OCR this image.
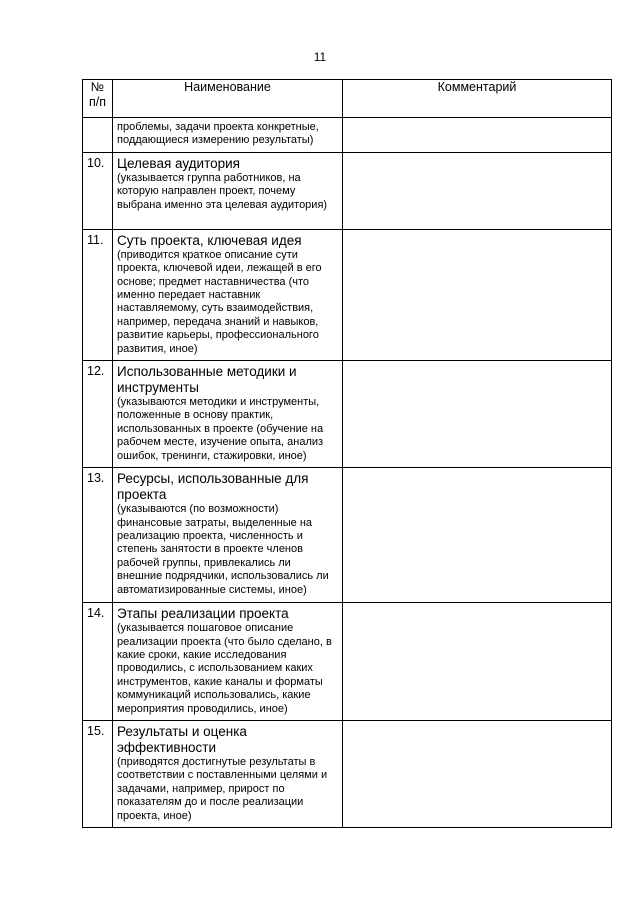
11
№
п/п	Наименование	Комментарий

	проблемы, задачи проекта конкретные, поддающиеся измерению результаты)	

10.	Целевая аудитория
(указывается группа работников, на которую направлен проект, почему выбрана именно эта целевая аудитория)	

11.	Суть проекта, ключевая идея
(приводится краткое описание сути проекта, ключевой идеи, лежащей в его основе; предмет наставничества (что именно передает наставник наставляемому, суть взаимодействия, например, передача знаний и навыков, развитие карьеры, профессионального развития, иное)	

12.	Использованные методики и инструменты
(указываются методики и инструменты, положенные в основу практик, использованных в проекте (обучение на рабочем месте, изучение опыта, анализ ошибок, тренинги, стажировки, иное)	

13.	Ресурсы, использованные для проекта
(указываются (по возможности) финансовые затраты, выделенные на реализацию проекта, численность и степень занятости в проекте членов рабочей группы, привлекались ли внешние подрядчики, использовались ли автоматизированные системы, иное)	

14.	Этапы реализации проекта
(указывается пошаговое описание реализации проекта (что было сделано, в какие сроки, какие исследования проводились, с использованием каких инструментов, какие каналы и форматы коммуникаций использовались, какие мероприятия проводились, иное)	

15.	Результаты и оценка эффективности
(приводятся достигнутые результаты в соответствии с поставленными целями и задачами, например, прирост по показателям до и после реализации проекта, иное)	
